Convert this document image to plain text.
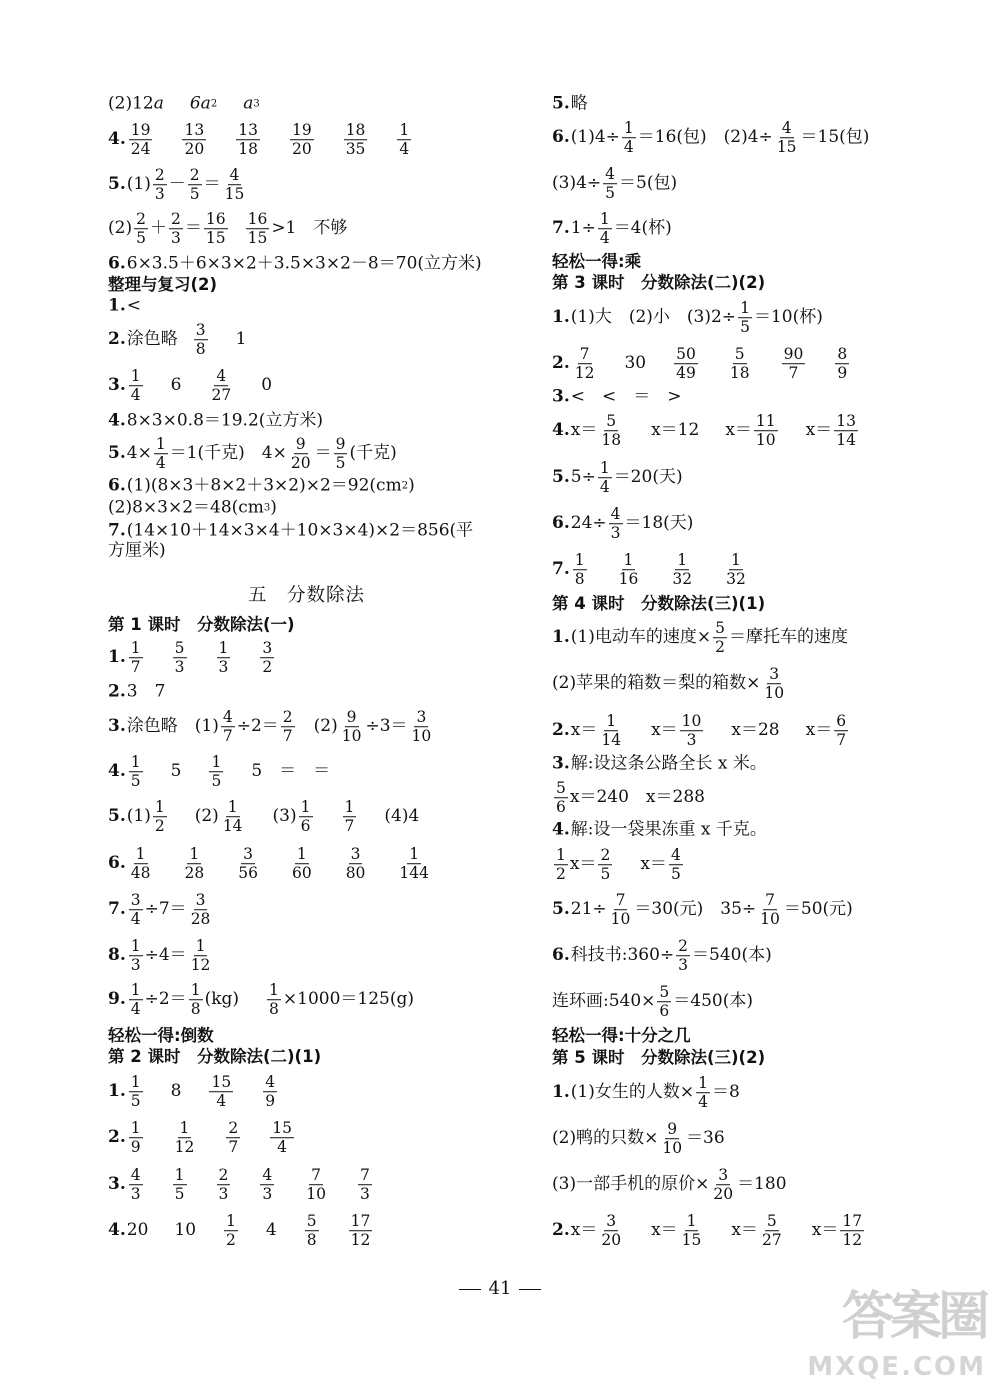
(2)12 a 6a 2 a 3
4. $\frac{19}{24} \frac{13}{20} \frac{13}{18} \frac{19}{20} \frac{18}{35} \frac{1}{4}$
5. $(1) \frac{2}{3} - \frac{2}{5} = \frac{4}{15}$
$(2) \frac{2}{5} + \frac{2}{3} = \frac{16}{15} \frac{16}{15} >1$　不够
6. 6×3.5＋6×3×2＋3.5×3×2－8＝70(立方米)
整理与复习(2)
1. <
2. 涂色略 $\frac{3}{8} 1$
3. $\frac{1}{4} 6 \frac{4}{27} 0$
4. 8×3×0.8＝19.2(立方米)
5. $4\times \frac{1}{4} =1$(千克)　$4\times \frac{9}{20} = \frac{9}{5}$ (千克)
6. (1)(8×3＋8×2＋3×2)×2＝92(cm 2 )
(2)8×3×2＝48(cm 3 )
7. (14×10＋14×3×4＋10×3×4)×2＝856(平
方厘米)
五　分数除法
第 1 课时　分数除法(一)
1. $\frac{1}{7} \frac{5}{3} \frac{1}{3} \frac{3}{2}$
2. 3　7
3. 涂色略　$(1) \frac{4}{7} \div 2= \frac{2}{7}$ 　$(2) \frac{9}{10} \div 3= \frac{3}{10}$
4. $\frac{1}{5} 5 \frac{1}{5} 5$　＝　＝
5. $(1) \frac{1}{2} (2) \frac{1}{14} (3) \frac{1}{6} \frac{1}{7} (4)4$
6. $\frac{1}{48} \frac{1}{28} \frac{3}{56} \frac{1}{60} \frac{3}{80} \frac{1}{144}$
7. $\frac{3}{4} \div 7= \frac{3}{28}$
8. $\frac{1}{3} \div 4= \frac{1}{12}$
9. $\frac{1}{4} \div 2= \frac{1}{8} (kg) \frac{1}{8} \times 1000=125(g)$
轻松一得:倒数
第 2 课时　分数除法(二)(1)
1. $\frac{1}{5} 8 \frac{15}{4} \frac{4}{9}$
2. $\frac{1}{9} \frac{1}{12} \frac{2}{7} \frac{15}{4}$
3. $\frac{4}{3} \frac{1}{5} \frac{2}{3} \frac{4}{3} \frac{7}{10} \frac{7}{3}$
4. 20 $10 \frac{1}{2} 4 \frac{5}{8} \frac{17}{12}$
5. 略
6. $(1)4\div \frac{1}{4} =16$(包)　$(2)4\div \frac{4}{15} =15$(包)
$(3)4\div \frac{4}{5} =5$(包)
7. $1\div \frac{1}{4} =4$(杯)
轻松一得:乘
第 3 课时　分数除法(二)(2)
1. (1)大　(2)小　$(3)2\div \frac{1}{5} =10$(杯)
2. $\frac{7}{12} 30 \frac{50}{49} \frac{5}{18} \frac{90}{7} \frac{8}{9}$
3. <　<　＝　>
4. $x= \frac{5}{18} x=12$ $x= \frac{11}{10} x= \frac{13}{14}$
5. $5\div \frac{1}{4} =20$(天)
6. $24\div \frac{4}{3} =18$(天)
7. $\frac{1}{8} \frac{1}{16} \frac{1}{32} \frac{1}{32}$
第 4 课时　分数除法(三)(1)
1. (1)电动车的速度× $\frac{5}{2}$ ＝摩托车的速度
(2)苹果的箱数＝梨的箱数× $\frac{3}{10}$
2. $x= \frac{1}{14} x= \frac{10}{3} x=28$ $x= \frac{6}{7}$
3. 解:设这条公路全长 x 米。
$\frac{5}{6} x=240$　x＝288
4. 解:设一袋果冻重 x 千克。
$\frac{1}{2} x= \frac{2}{5} x= \frac{4}{5}$
5. $21\div \frac{7}{10} =30$(元)　$35\div \frac{7}{10} =50$(元)
6. 科技书:360÷ $\frac{2}{3} =540$(本)
连环画:540× $\frac{5}{6} =450$(本)
轻松一得:十分之几
第 5 课时　分数除法(三)(2)
1. (1)女生的人数× $\frac{1}{4} =8$
(2)鸭的只数× $\frac{9}{10} =36$
(3)一部手机的原价× $\frac{3}{20} =180$
2. $x= \frac{3}{20} x= \frac{1}{15} x= \frac{5}{27} x= \frac{17}{12}$
41	答案圈
MXQE.COM
